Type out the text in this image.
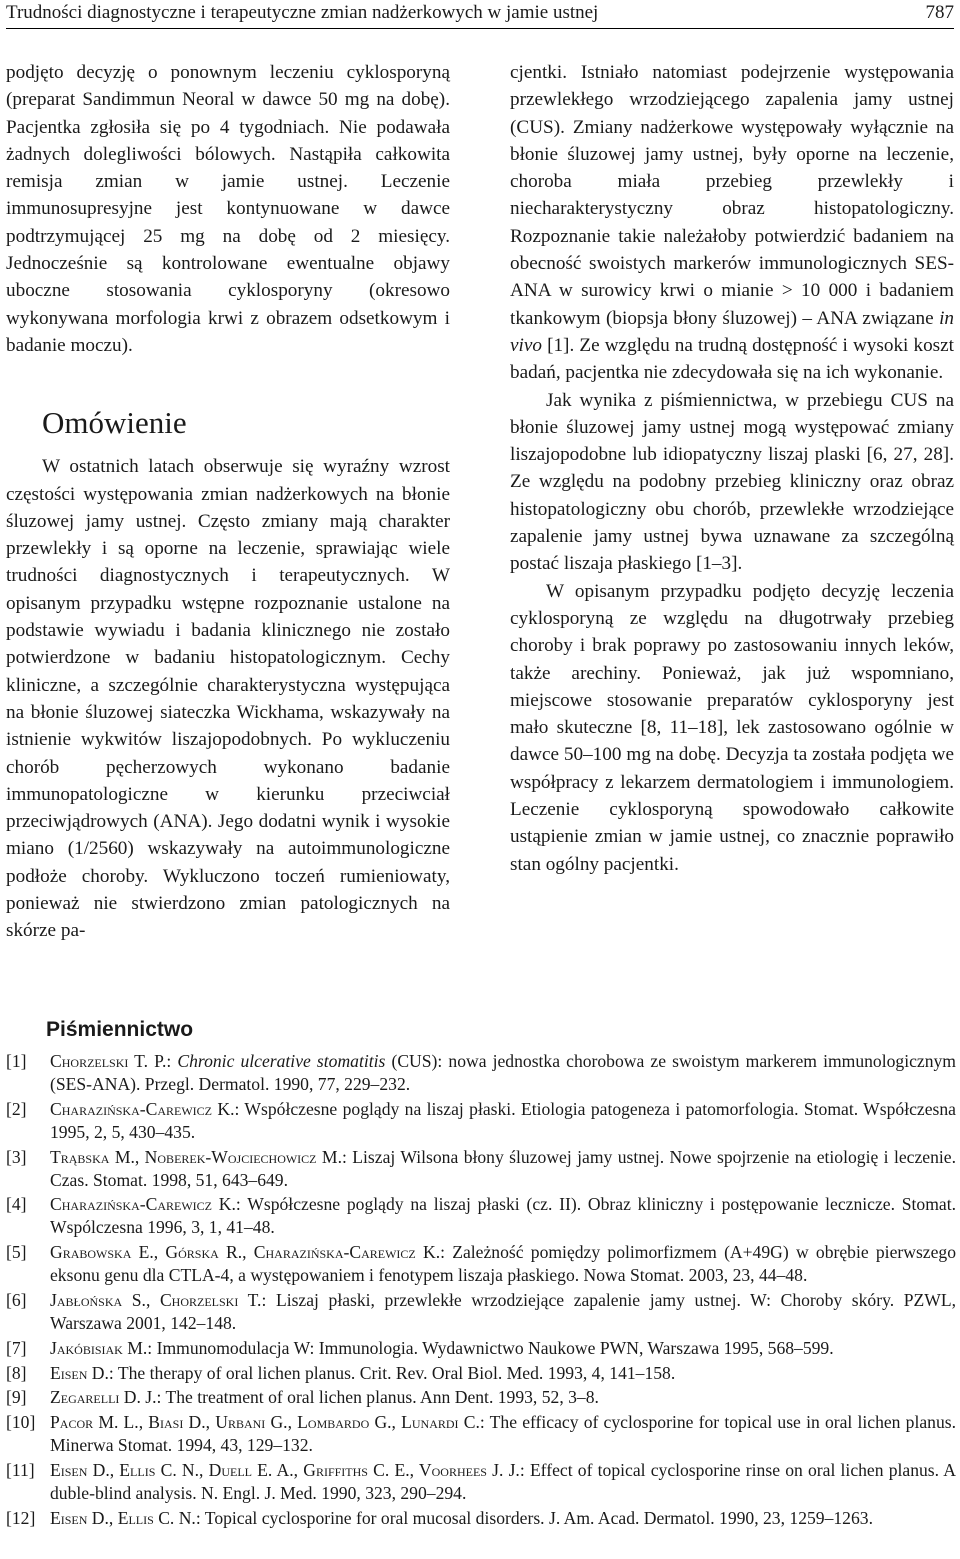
Trudności diagnostyczne i terapeutyczne zmian nadżerkowych w jamie ustnej	787

podjęto decyzję o ponownym leczeniu cyklosporyną (preparat Sandimmun Neoral w dawce 50 mg na dobę). Pacjentka zgłosiła się po 4 tygodniach. Nie podawała żadnych dolegliwości bólowych. Nastąpiła całkowita remisja zmian w jamie ustnej. Leczenie immunosupresyjne jest kontynuowane w dawce podtrzymującej 25 mg na dobę od 2 miesięcy. Jednocześnie są kontrolowane ewentualne objawy uboczne stosowania cyklosporyny (okresowo wykonywana morfologia krwi z obrazem odsetkowym i badanie moczu).

Omówienie

W ostatnich latach obserwuje się wyraźny wzrost częstości występowania zmian nadżerkowych na błonie śluzowej jamy ustnej. Często zmiany mają charakter przewlekły i są oporne na leczenie, sprawiając wiele trudności diagnostycznych i terapeutycznych. W opisanym przypadku wstępne rozpoznanie ustalone na podstawie wywiadu i badania klinicznego nie zostało potwierdzone w badaniu histopatologicznym. Cechy kliniczne, a szczególnie charakterystyczna występująca na błonie śluzowej siateczka Wickhama, wskazywały na istnienie wykwitów liszajopodobnych. Po wykluczeniu chorób pęcherzowych wykonano badanie immunopatologiczne w kierunku przeciwciał przeciwjądrowych (ANA). Jego dodatni wynik i wysokie miano (1/2560) wskazywały na autoimmunologiczne podłoże choroby. Wykluczono toczeń rumieniowaty, ponieważ nie stwierdzono zmian patologicznych na skórze pa-

cjentki. Istniało natomiast podejrzenie występowania przewlekłego wrzodziejącego zapalenia jamy ustnej (CUS). Zmiany nadżerkowe występowały wyłącznie na błonie śluzowej jamy ustnej, były oporne na leczenie, choroba miała przebieg przewlekły i niecharakterystyczny obraz histopatologiczny. Rozpoznanie takie należałoby potwierdzić badaniem na obecność swoistych markerów immunologicznych SES-ANA w surowicy krwi o mianie > 10 000 i badaniem tkankowym (biopsja błony śluzowej) – ANA związane in vivo [1]. Ze względu na trudną dostępność i wysoki koszt badań, pacjentka nie zdecydowała się na ich wykonanie.

Jak wynika z piśmiennictwa, w przebiegu CUS na błonie śluzowej jamy ustnej mogą występować zmiany liszajopodobne lub idiopatyczny liszaj plaski [6, 27, 28]. Ze względu na podobny przebieg kliniczny oraz obraz histopatologiczny obu chorób, przewlekłe wrzodziejące zapalenie jamy ustnej bywa uznawane za szczególną postać liszaja płaskiego [1–3].

W opisanym przypadku podjęto decyzję leczenia cyklosporyną ze względu na długotrwały przebieg choroby i brak poprawy po zastosowaniu innych leków, także arechiny. Ponieważ, jak już wspomniano, miejscowe stosowanie preparatów cyklosporyny jest mało skuteczne [8, 11–18], lek zastosowano ogólnie w dawce 50–100 mg na dobę. Decyzja ta została podjęta we współpracy z lekarzem dermatologiem i immunologiem. Leczenie cyklosporyną spowodowało całkowite ustąpienie zmian w jamie ustnej, co znacznie poprawiło stan ogólny pacjentki.

Piśmiennictwo
[1]	Chorzelski T. P.: Chronic ulcerative stomatitis (CUS): nowa jednostka chorobowa ze swoistym markerem immunologicznym (SES-ANA). Przegl. Dermatol. 1990, 77, 229–232.
[2]	Charazińska-Carewicz K.: Współczesne poglądy na liszaj płaski. Etiologia patogeneza i patomorfologia. Stomat. Współczesna 1995, 2, 5, 430–435.
[3]	Trąbska M., Noberek-Wojciechowicz M.: Liszaj Wilsona błony śluzowej jamy ustnej. Nowe spojrzenie na etiologię i leczenie. Czas. Stomat. 1998, 51, 643–649.
[4]	Charazińska-Carewicz K.: Współczesne poglądy na liszaj płaski (cz. II). Obraz kliniczny i postępowanie lecznicze. Stomat. Wspólczesna 1996, 3, 1, 41–48.
[5]	Grabowska E., Górska R., Charazińska-Carewicz K.: Zależność pomiędzy polimorfizmem (A+49G) w obrębie pierwszego eksonu genu dla CTLA-4, a występowaniem i fenotypem liszaja płaskiego. Nowa Stomat. 2003, 23, 44–48.
[6]	Jabłońska S., Chorzelski T.: Liszaj płaski, przewlekłe wrzodziejące zapalenie jamy ustnej. W: Choroby skóry. PZWL, Warszawa 2001, 142–148.
[7]	Jakóbisiak M.: Immunomodulacja W: Immunologia. Wydawnictwo Naukowe PWN, Warszawa 1995, 568–599.
[8]	Eisen D.: The therapy of oral lichen planus. Crit. Rev. Oral Biol. Med. 1993, 4, 141–158.
[9]	Zegarelli D. J.: The treatment of oral lichen planus. Ann Dent. 1993, 52, 3–8.
[10] Pacor M. L., Biasi D., Urbani G., Lombardo G., Lunardi C.: The efficacy of cyclosporine for topical use in oral lichen planus. Minerwa Stomat. 1994, 43, 129–132.
[11] Eisen D., Ellis C. N., Duell E. A., Griffiths C. E., Voorhees J. J.: Effect of topical cyclosporine rinse on oral lichen planus. A duble-blind analysis. N. Engl. J. Med. 1990, 323, 290–294.
[12] Eisen D., Ellis C. N.: Topical cyclosporine for oral mucosal disorders. J. Am. Acad. Dermatol. 1990, 23, 1259–1263.
